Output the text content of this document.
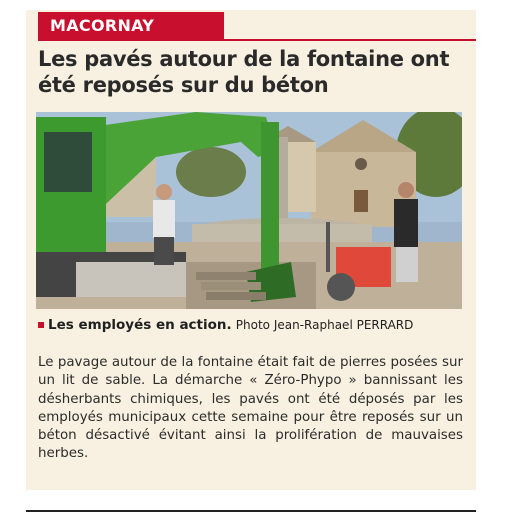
MACORNAY
Les pavés autour de la fontaine ont été reposés sur du béton
Les employés en action. Photo Jean-Raphael PERRARD

Le pavage autour de la fontaine était fait de pierres posées sur un lit de sable. La démarche « Zéro-Phypo » bannissant les désherbants chimiques, les pavés ont été déposés par les employés municipaux cette semaine pour être reposés sur un béton désactivé évitant ainsi la prolifération de mauvaises herbes.
